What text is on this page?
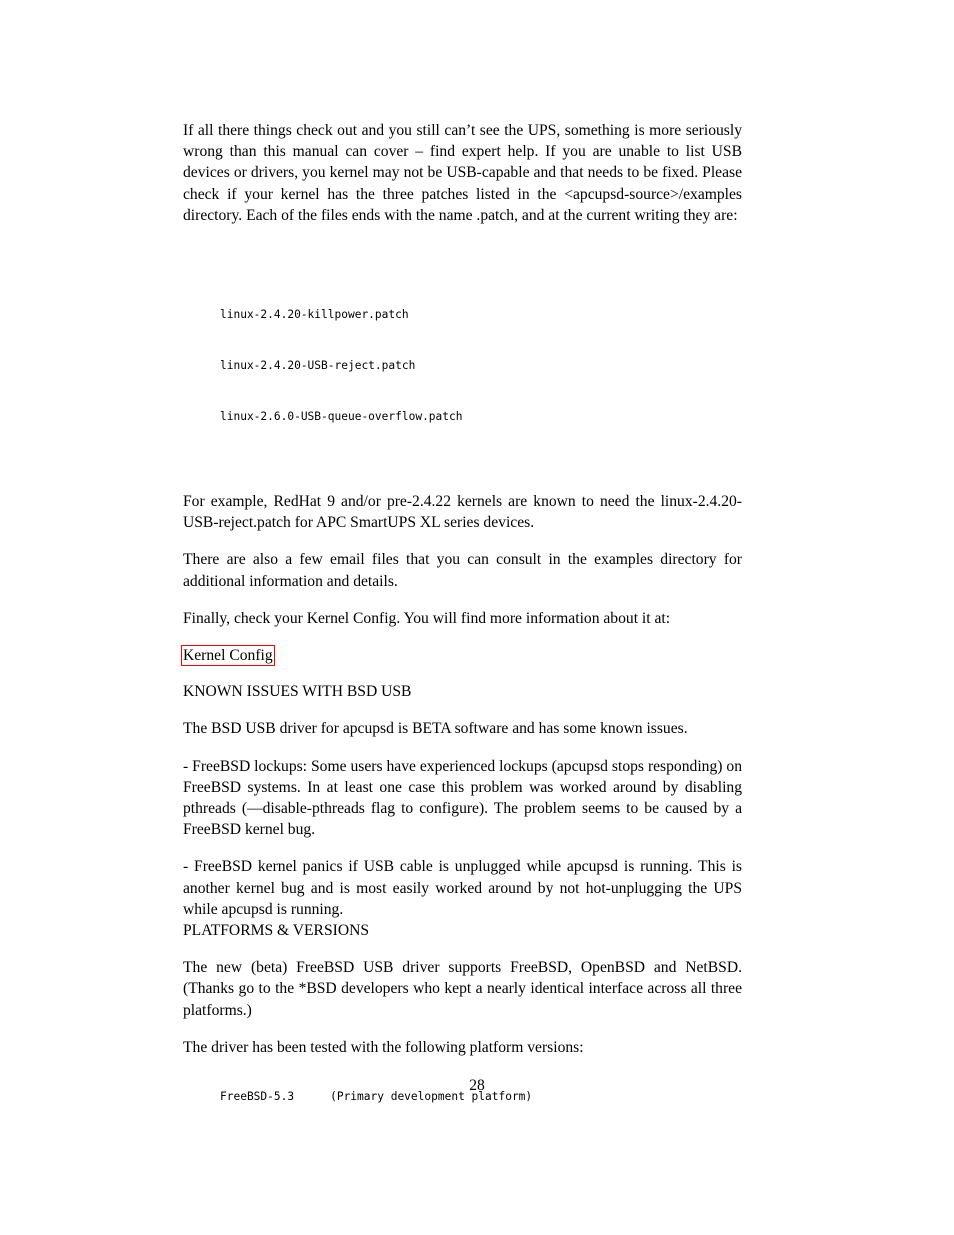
If all there things check out and you still can’t see the UPS, something is more seriously wrong than this manual can cover – find expert help. If you are unable to list USB devices or drivers, you kernel may not be USB-capable and that needs to be fixed. Please check if your kernel has the three patches listed in the <apcupsd-source>/examples directory. Each of the files ends with the name .patch, and at the current writing they are:

linux-2.4.20-killpower.patch

linux-2.4.20-USB-reject.patch

linux-2.6.0-USB-queue-overflow.patch

For example, RedHat 9 and/or pre-2.4.22 kernels are known to need the linux-2.4.20-USB-reject.patch for APC SmartUPS XL series devices.

There are also a few email files that you can consult in the examples directory for additional information and details.

Finally, check your Kernel Config. You will find more information about it at:

Kernel Config

KNOWN ISSUES WITH BSD USB

The BSD USB driver for apcupsd is BETA software and has some known issues.

- FreeBSD lockups: Some users have experienced lockups (apcupsd stops responding) on FreeBSD systems. In at least one case this problem was worked around by disabling pthreads (—disable-pthreads flag to configure). The problem seems to be caused by a FreeBSD kernel bug.

- FreeBSD kernel panics if USB cable is unplugged while apcupsd is running. This is another kernel bug and is most easily worked around by not hot-unplugging the UPS while apcupsd is running.

PLATFORMS & VERSIONS

The new (beta) FreeBSD USB driver supports FreeBSD, OpenBSD and NetBSD. (Thanks go to the *BSD developers who kept a nearly identical interface across all three platforms.)

The driver has been tested with the following platform versions:

FreeBSD-5.3	(Primary development platform)
28
